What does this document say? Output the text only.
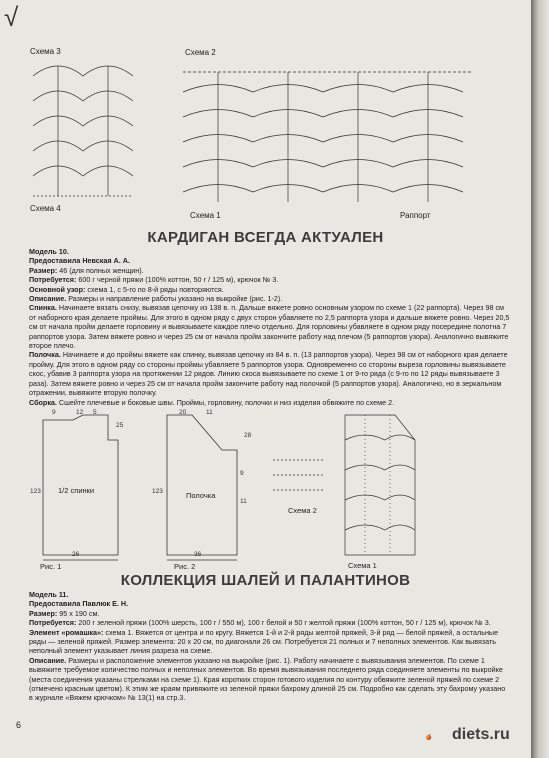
√
Схема 3
Схема 4
Схема 2
Схема 1	Раппорт
КАРДИГАН ВСЕГДА АКТУАЛЕН

Модель 10.

Предоставила Невская А. А.

Размер: 46 (для полных женщин).

Потребуется: 600 г черной пряжи (100% коттон, 50 г / 125 м), крючок № 3.

Основной узор: схема 1, с 5-го по 8-й ряды повторяются.

Описание. Размеры и направление работы указано на выкройке (рис. 1-2).

Спинка. Начинаете вязать снизу, вывязав цепочку из 138 в. п. Дальше вяжете ровно основным узором по схеме 1 (22 раппорта). Через 98 см от наборного края делаете проймы. Для этого в одном ряду с двух сторон убавляете по 2,5 раппорта узора и дальше вяжете ровно. Через 20,5 см от начала пройм делаете горловину и вывязываете каждое плечо отдельно. Для горловины убавляете в одном ряду посередине полотна 7 раппортов узора. Затем вяжете ровно и через 25 см от начала пройм закончите работу над плечом (5 раппортов узора). Аналогично вывяжите второе плечо.

Полочка. Начинаете и до проймы вяжете как спинку, вывязав цепочку из 84 в. п. (13 раппортов узора). Через 98 см от наборного края делаете пройму. Для этого в одном ряду со стороны проймы убавляете 5 раппортов узора. Одновременно со стороны выреза горловины вывязываете скос, убавив 3 раппорта узора на протяжении 12 рядов. Линию скоса вывязываете по схеме 1 от 9-го ряда (с 9-го по 12 ряды вывязываете 3 раза). Затем вяжете ровно и через 25 см от начала пройм закончите работу над полочкой (5 раппортов узора). Аналогично, но в зеркальном отражении, вывяжите вторую полочку.

Сборка. Сшейте плечевые и боковые швы. Проймы, горловину, полочки и низ изделия обвяжите по схеме 2.

9	12 5
25
123 1/2 спинки
26
Рис. 1
20	11
28
123	Полочка
9
11
36
Рис. 2
Схема 2
Схема 1
КОЛЛЕКЦИЯ ШАЛЕЙ И ПАЛАНТИНОВ

Модель 11.

Предоставила Павлюк Е. Н.

Размер: 95 х 190 см.

Потребуется: 200 г зеленой пряжи (100% шерсть, 100 г / 550 м), 100 г белой и 50 г желтой пряжи (100% коттон, 50 г / 125 м), крючок № 3.

Элемент «ромашка»: схема 1. Вяжется от центра и по кругу. Вяжется 1-й и 2-й ряды желтой пряжей, 3-й ряд — белой пряжей, а остальные ряды — зеленой пряжей. Размер элемента: 20 х 20 см, по диагонали 26 см. Потребуется 21 полных и 7 неполных элементов. Как вывязать неполный элемент указывает линия разреза на схеме.

Описание. Размеры и расположение элементов указано на выкройке (рис. 1). Работу начинаете с вывязывания элементов. По схеме 1 вывяжите требуемое количество полных и неполных элементов. Во время вывязывания последнего ряда соединяете элементы по выкройке (места соединения указаны стрелками на схеме 1). Края коротких сторон готового изделия по контуру обвяжите зеленой пряжей по схеме 2 (отмечено красным цветом). К этим же краям привяжите из зеленой пряжи бахрому длиной 25 см. Подробно как сделать эту бахрому указано в журнале «Вяжем крючком» № 13(1) на стр.3.

6
diets.ru
